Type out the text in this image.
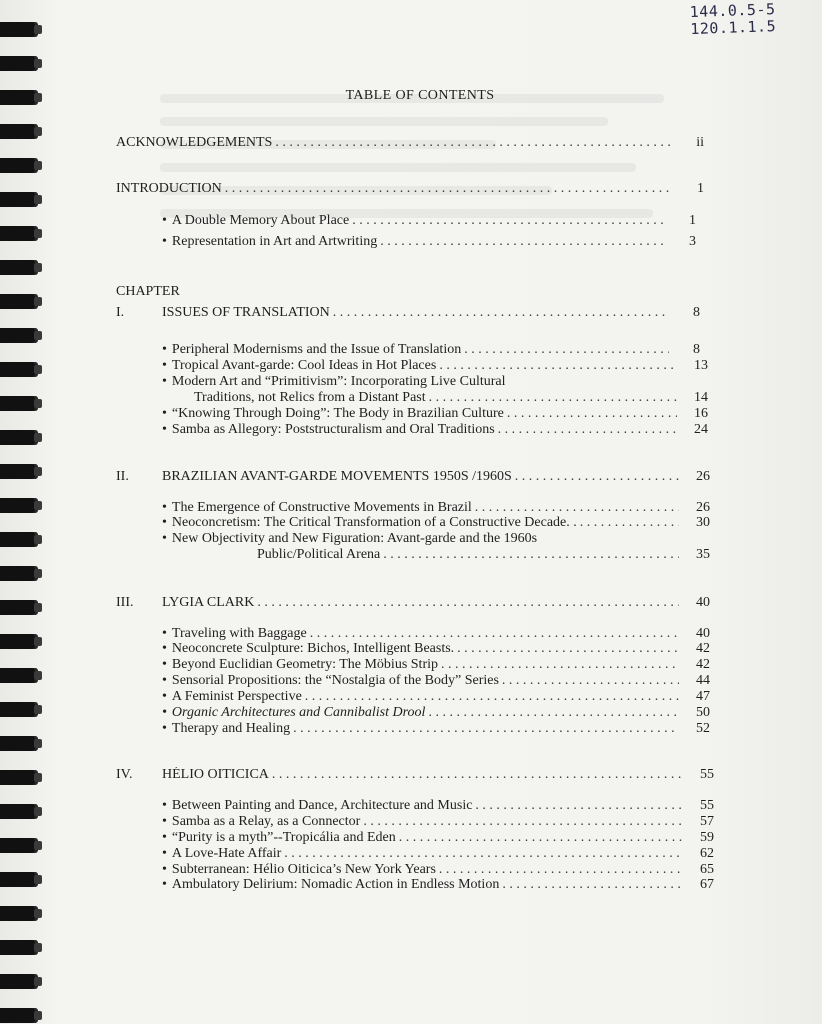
144.0.5-5
120.1.1.5
TABLE OF CONTENTS
ACKNOWLEDGEMENTS . . .	ii
INTRODUCTION . . .	1
• A Double Memory About Place . . .	1
• Representation in Art and Artwriting . . .	3
CHAPTER
I.	ISSUES OF TRANSLATION . . .	8
• Peripheral Modernisms and the Issue of Translation . . .	8
• Tropical Avant-garde: Cool Ideas in Hot Places . . .	13
• Modern Art and “Primitivism”: Incorporating Live Cultural
Traditions, not Relics from a Distant Past . . .	14
• “Knowing Through Doing”: The Body in Brazilian Culture . . .	16
• Samba as Allegory: Poststructuralism and Oral Traditions . . .	24
II. BRAZILIAN AVANT-GARDE MOVEMENTS 1950S /1960S . . .	26
• The Emergence of Constructive Movements in Brazil . . .	26
• Neoconcretism: The Critical Transformation of a Constructive Decade. . . . .	30
• New Objectivity and New Figuration: Avant-garde and the 1960s
Public/Political Arena . . .	35
III. LYGIA CLARK . . .	40
• Traveling with Baggage . . .	40
• Neoconcrete Sculpture: Bichos, Intelligent Beasts. . . .	42
• Beyond Euclidian Geometry: The Möbius Strip . . .	42
• Sensorial Propositions: the “Nostalgia of the Body” Series . . .	44
• A Feminist Perspective . . .	47
• Organic Architectures and Cannibalist Drool . . .	50
• Therapy and Healing . . .	52
IV. HÉLIO OITICICA . . .	55
• Between Painting and Dance, Architecture and Music . . .	55
• Samba as a Relay, as a Connector . . .	57
• “Purity is a myth”--Tropicália and Eden . . .	59
• A Love-Hate Affair . . .	62
• Subterranean: Hélio Oiticica’s New York Years . . .	65
• Ambulatory Delirium: Nomadic Action in Endless Motion . . .	67
